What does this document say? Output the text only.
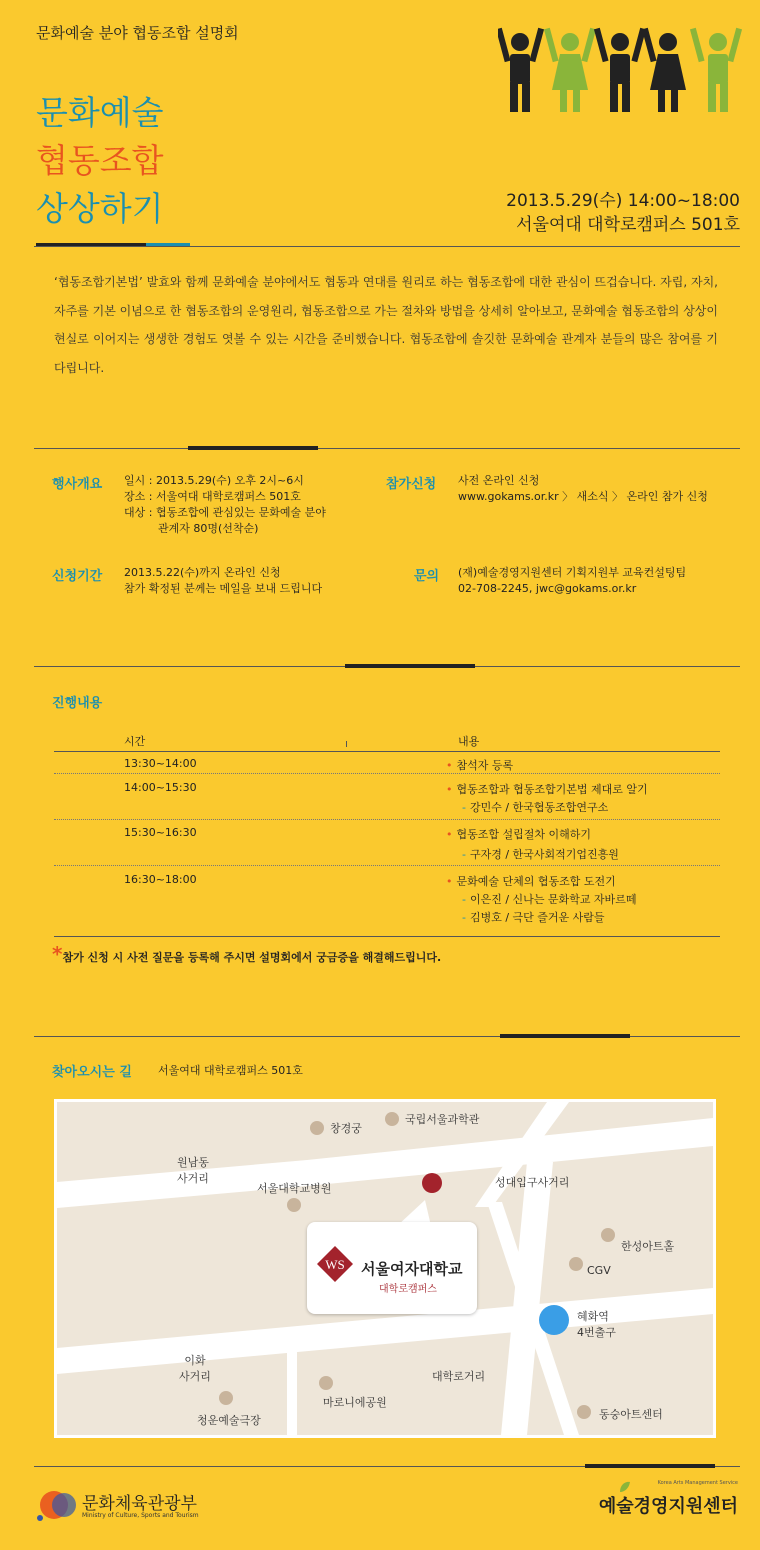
문화예술 분야 협동조합 설명회
문화예술
협동조합
상상하기	2013.5.29(수) 14:00~18:00
서울여대 대학로캠퍼스 501호
‘협동조합기본법’ 발효와 함께 문화예술 분야에서도 협동과 연대를 원리로 하는 협동조합에 대한 관심이 뜨겁습니다. 자립, 자치, 자주를 기본 이념으로 한 협동조합의 운영원리, 협동조합으로 가는 절차와 방법을 상세히 알아보고, 문화예술 협동조합의 상상이 현실로 이어지는 생생한 경험도 엿볼 수 있는 시간을 준비했습니다. 협동조합에 솔깃한 문화예술 관계자 분들의 많은 참여를 기다립니다.
행사개요 일시 : 2013.5.29(수) 오후 2시~6시
장소 : 서울여대 대학로캠퍼스 501호
대상 : 협동조합에 관심있는 문화예술 분야
관계자 80명(선착순)
참가신청 사전 온라인 신청
www.gokams.or.kr 〉 새소식 〉 온라인 참가 신청
신청기간 2013.5.22(수)까지 온라인 신청
참가 확정된 분께는 메일을 보내 드립니다
문의 (재)예술경영지원센터 기획지원부 교육컨설팅팀
02-708-2245, jwc@gokams.or.kr
진행내용
시간	내용
13:30~14:00	• 참석자 등록
14:00~15:30	• 협동조합과 협동조합기본법 제대로 알기
- 강민수 / 한국협동조합연구소
15:30~16:30	• 협동조합 설립절차 이해하기
- 구자경 / 한국사회적기업진흥원
16:30~18:00	• 문화예술 단체의 협동조합 도전기
- 이은진 / 신나는 문화학교 자바르떼
- 김병호 / 극단 즐거운 사람들
*참가 신청 시 사전 질문을 등록해 주시면 설명회에서 궁금증을 해결해드립니다.
찾아오시는 길 서울여대 대학로캠퍼스 501호
창경궁
국립서울과학관
원남동
사거리
서울대학교병원	성대입구사거리
WS 서울여자대학교
대학로캠퍼스
한성아트홀
CGV
혜화역
4번출구
이화
사거리	대학로거리
마로니에공원
청운예술극장	동숭아트센터
문화체육관광부
Ministry of Culture, Sports and Tourism
Korea Arts Management Service
예술경영지원센터
